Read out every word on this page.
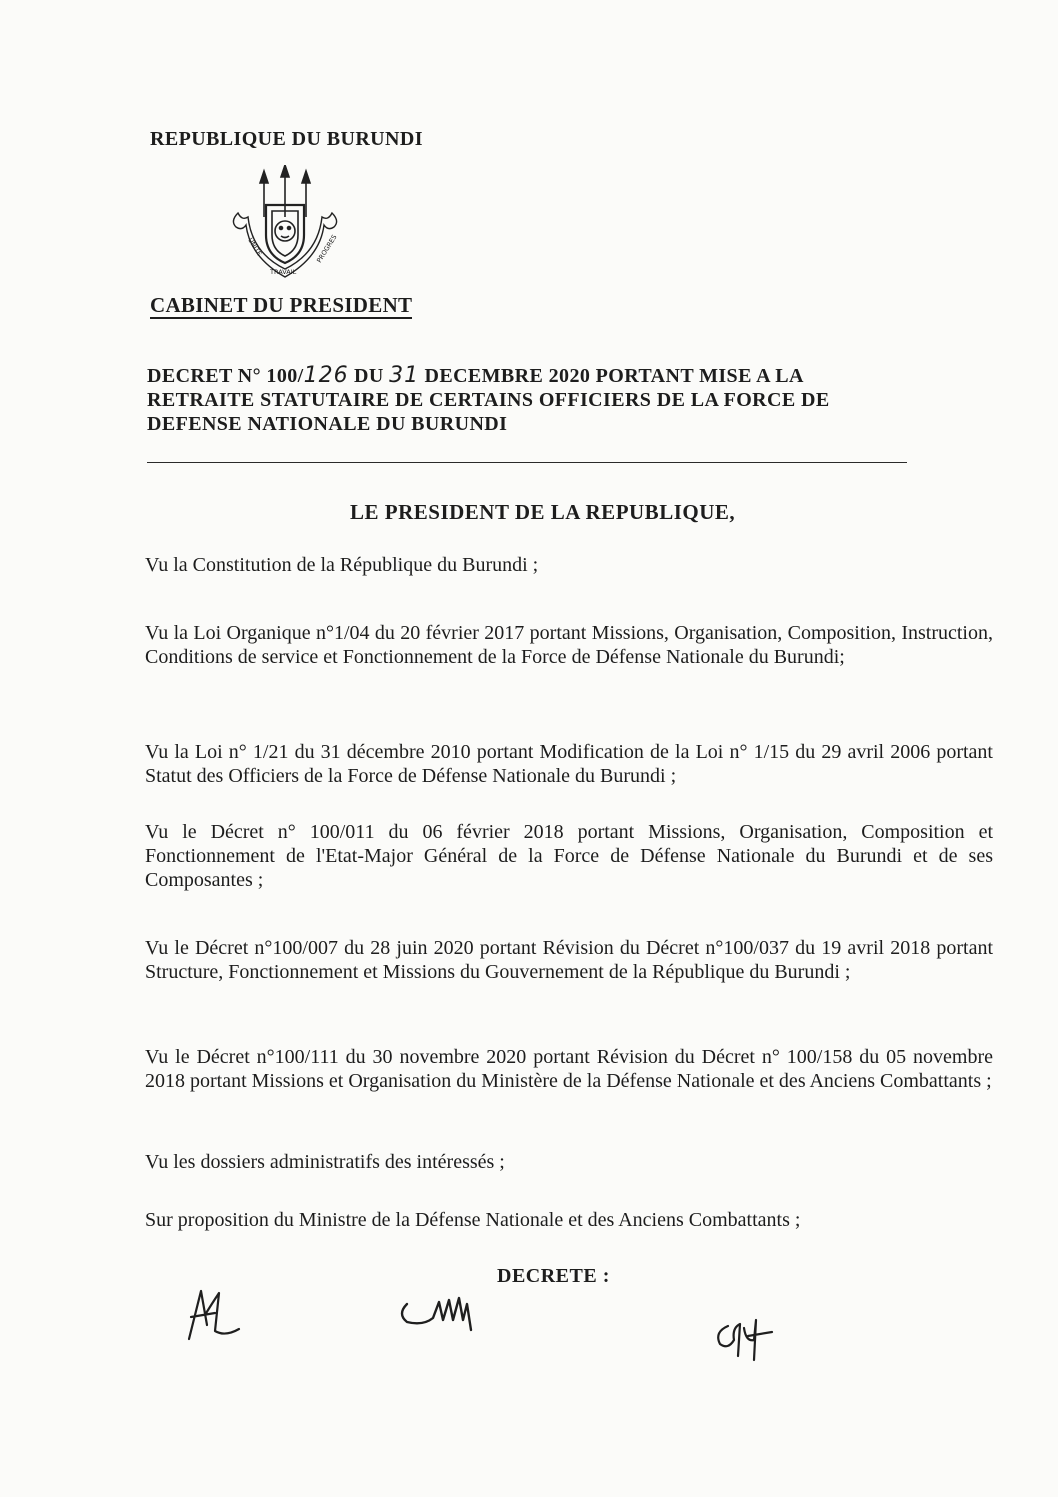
REPUBLIQUE DU BURUNDI
UNITE
TRAVAIL
PROGRES
CABINET DU PRESIDENT
DECRET N° 100/126 DU 31 DECEMBRE 2020 PORTANT MISE A LA RETRAITE STATUTAIRE DE CERTAINS OFFICIERS DE LA FORCE DE DEFENSE NATIONALE DU BURUNDI
LE PRESIDENT DE LA REPUBLIQUE,
Vu la Constitution de la République du Burundi ;
Vu la Loi Organique n°1/04 du 20 février 2017 portant Missions, Organisation, Composition, Instruction, Conditions de service et Fonctionnement de la Force de Défense Nationale du Burundi;
Vu la Loi n° 1/21 du 31 décembre 2010 portant Modification de la Loi n° 1/15 du 29 avril 2006 portant Statut des Officiers de la Force de Défense Nationale du Burundi ;
Vu le Décret n° 100/011 du 06 février 2018 portant Missions, Organisation, Composition et Fonctionnement de l'Etat-Major Général de la Force de Défense Nationale du Burundi et de ses Composantes ;
Vu le Décret n°100/007 du 28 juin 2020 portant Révision du Décret n°100/037 du 19 avril 2018 portant Structure, Fonctionnement et Missions du Gouvernement de la République du Burundi ;
Vu le Décret n°100/111 du 30 novembre 2020 portant Révision du Décret n° 100/158 du 05 novembre 2018 portant Missions et Organisation du Ministère de la Défense Nationale et des Anciens Combattants ;
Vu les dossiers administratifs des intéressés ;
Sur proposition du Ministre de la Défense Nationale et des Anciens Combattants ;
DECRETE :
